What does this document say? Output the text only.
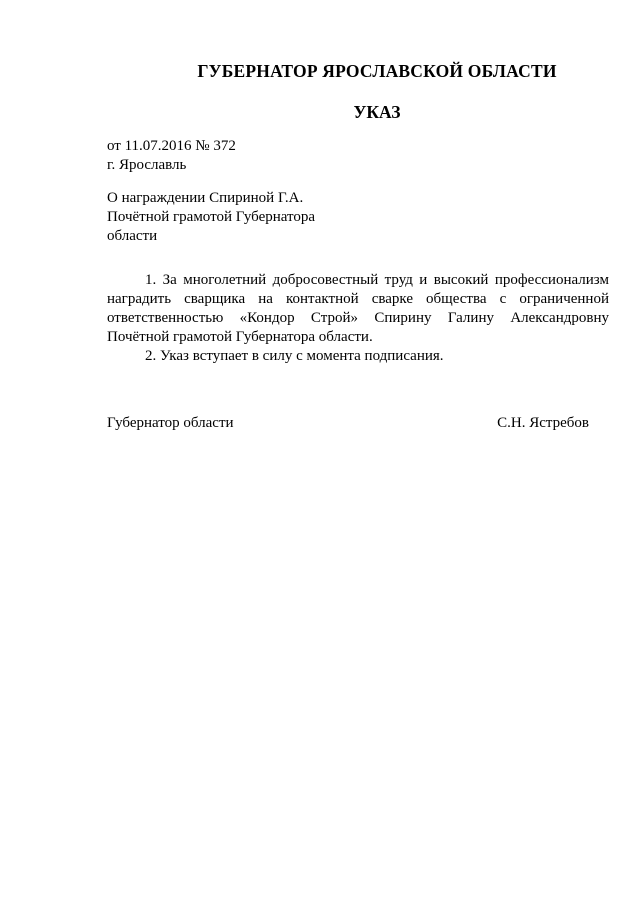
ГУБЕРНАТОР ЯРОСЛАВСКОЙ ОБЛАСТИ
УКАЗ
от 11.07.2016 № 372
г. Ярославль
О награждении Спириной Г.А.
Почётной грамотой Губернатора
области

1. За многолетний добросовестный труд и высокий профессионализм наградить сварщика на контактной сварке общества с ограниченной ответственностью «Кондор Строй» Спирину Галину Александровну Почётной грамотой Губернатора области.

2. Указ вступает в силу с момента подписания.

Губернатор области	С.Н. Ястребов
